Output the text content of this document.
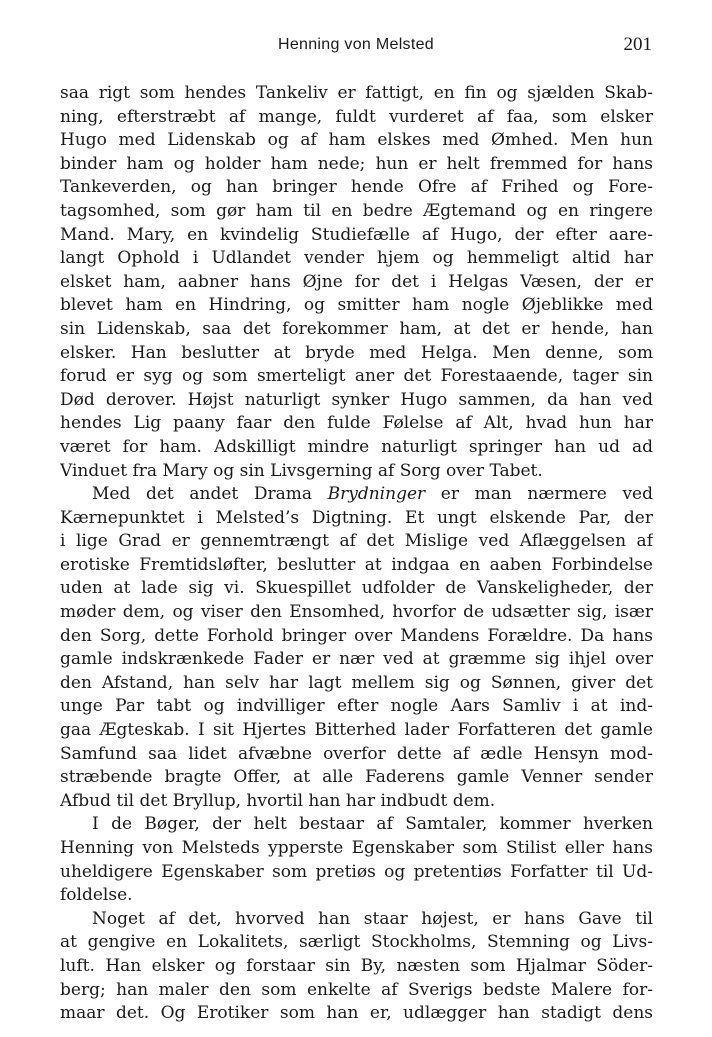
Henning von Melsted	201
saa rigt som hendes Tankeliv er fattigt, en fin og sjælden Skab-
ning, efterstræbt af mange, fuldt vurderet af faa, som elsker
Hugo med Lidenskab og af ham elskes med Ømhed. Men hun
binder ham og holder ham nede; hun er helt fremmed for hans
Tankeverden, og han bringer hende Ofre af Frihed og Fore-
tagsomhed, som gør ham til en bedre Ægtemand og en ringere
Mand. Mary, en kvindelig Studiefælle af Hugo, der efter aare-
langt Ophold i Udlandet vender hjem og hemmeligt altid har
elsket ham, aabner hans Øjne for det i Helgas Væsen, der er
blevet ham en Hindring, og smitter ham nogle Øjeblikke med
sin Lidenskab, saa det forekommer ham, at det er hende, han
elsker. Han beslutter at bryde med Helga. Men denne, som
forud er syg og som smerteligt aner det Forestaaende, tager sin
Død derover. Højst naturligt synker Hugo sammen, da han ved
hendes Lig paany faar den fulde Følelse af Alt, hvad hun har
været for ham. Adskilligt mindre naturligt springer han ud ad
Vinduet fra Mary og sin Livsgerning af Sorg over Tabet.
Med det andet Drama Brydninger er man nærmere ved
Kærnepunktet i Melsted’s Digtning. Et ungt elskende Par, der
i lige Grad er gennemtrængt af det Mislige ved Aflæggelsen af
erotiske Fremtidsløfter, beslutter at indgaa en aaben Forbindelse
uden at lade sig vi. Skuespillet udfolder de Vanskeligheder, der
møder dem, og viser den Ensomhed, hvorfor de udsætter sig, især
den Sorg, dette Forhold bringer over Mandens Forældre. Da hans
gamle indskrænkede Fader er nær ved at græmme sig ihjel over
den Afstand, han selv har lagt mellem sig og Sønnen, giver det
unge Par tabt og indvilliger efter nogle Aars Samliv i at ind-
gaa Ægteskab. I sit Hjertes Bitterhed lader Forfatteren det gamle
Samfund saa lidet afvæbne overfor dette af ædle Hensyn mod-
stræbende bragte Offer, at alle Faderens gamle Venner sender
Afbud til det Bryllup, hvortil han har indbudt dem.
I de Bøger, der helt bestaar af Samtaler, kommer hverken
Henning von Melsteds ypperste Egenskaber som Stilist eller hans
uheldigere Egenskaber som pretiøs og pretentiøs Forfatter til Ud-
foldelse.
Noget af det, hvorved han staar højest, er hans Gave til
at gengive en Lokalitets, særligt Stockholms, Stemning og Livs-
luft. Han elsker og forstaar sin By, næsten som Hjalmar Söder-
berg; han maler den som enkelte af Sverigs bedste Malere for-
maar det. Og Erotiker som han er, udlægger han stadigt dens
